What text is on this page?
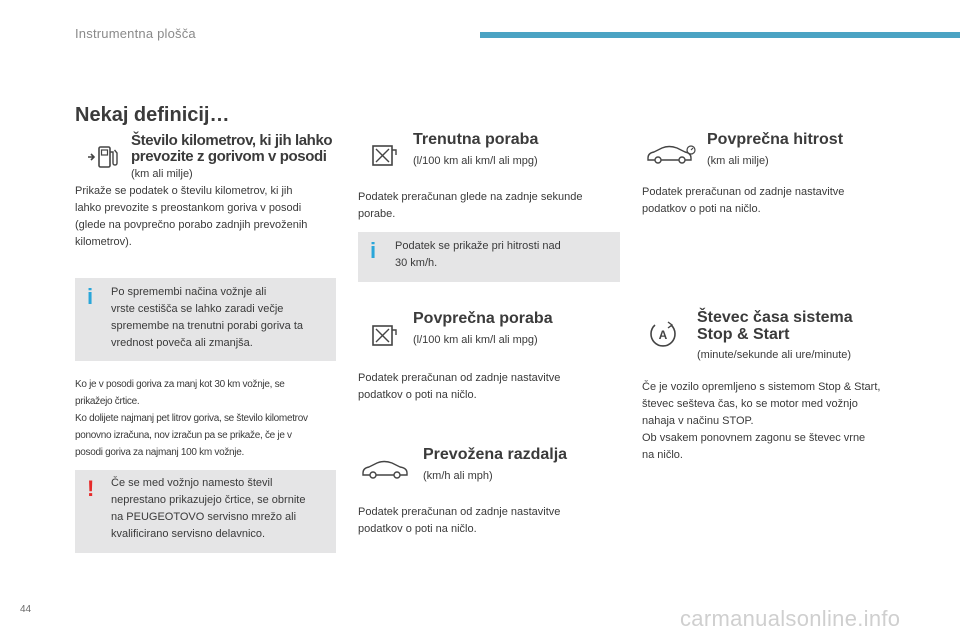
Instrumentna plošča
Nekaj definicij…
Število kilometrov, ki jih lahko
prevozite z gorivom v posodi
(km ali milje)
Prikaže se podatek o številu kilometrov, ki jih
lahko prevozite s preostankom goriva v posodi
(glede na povprečno porabo zadnjih prevoženih
kilometrov).
i Po spremembi načina vožnje ali
vrste cestišča se lahko zaradi večje
spremembe na trenutni porabi goriva ta
vrednost poveča ali zmanjša.
Ko je v posodi goriva za manj kot 30 km vožnje, se
prikažejo črtice.
Ko dolijete najmanj pet litrov goriva, se število kilometrov
ponovno izračuna, nov izračun pa se prikaže, če je v
posodi goriva za najmanj 100 km vožnje.
! Če se med vožnjo namesto števil
neprestano prikazujejo črtice, se obrnite
na PEUGEOTOVO servisno mrežo ali
kvalificirano servisno delavnico.
Trenutna poraba
(l/100 km ali km/l ali mpg)
Podatek preračunan glede na zadnje sekunde
porabe.
i Podatek se prikaže pri hitrosti nad
30 km/h.
Povprečna poraba
(l/100 km ali km/l ali mpg)
Podatek preračunan od zadnje nastavitve
podatkov o poti na ničlo.
Prevožena razdalja
(km/h ali mph)
Podatek preračunan od zadnje nastavitve
podatkov o poti na ničlo.
Povprečna hitrost
(km ali milje)
Podatek preračunan od zadnje nastavitve
podatkov o poti na ničlo.
A
Števec časa sistema
Stop & Start
(minute/sekunde ali ure/minute)
Če je vozilo opremljeno s sistemom Stop & Start,
števec sešteva čas, ko se motor med vožnjo
nahaja v načinu STOP.
Ob vsakem ponovnem zagonu se števec vrne
na ničlo.
44	carmanualsonline.info
